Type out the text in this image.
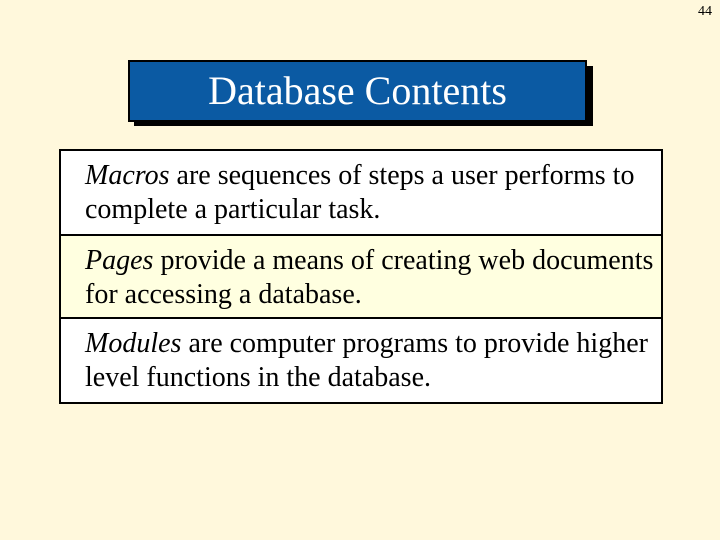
44
Database Contents
Macros are sequences of steps a user performs to complete a particular task.
Pages provide a means of creating web documents for accessing a database.
Modules are computer programs to provide higher level functions in the database.
